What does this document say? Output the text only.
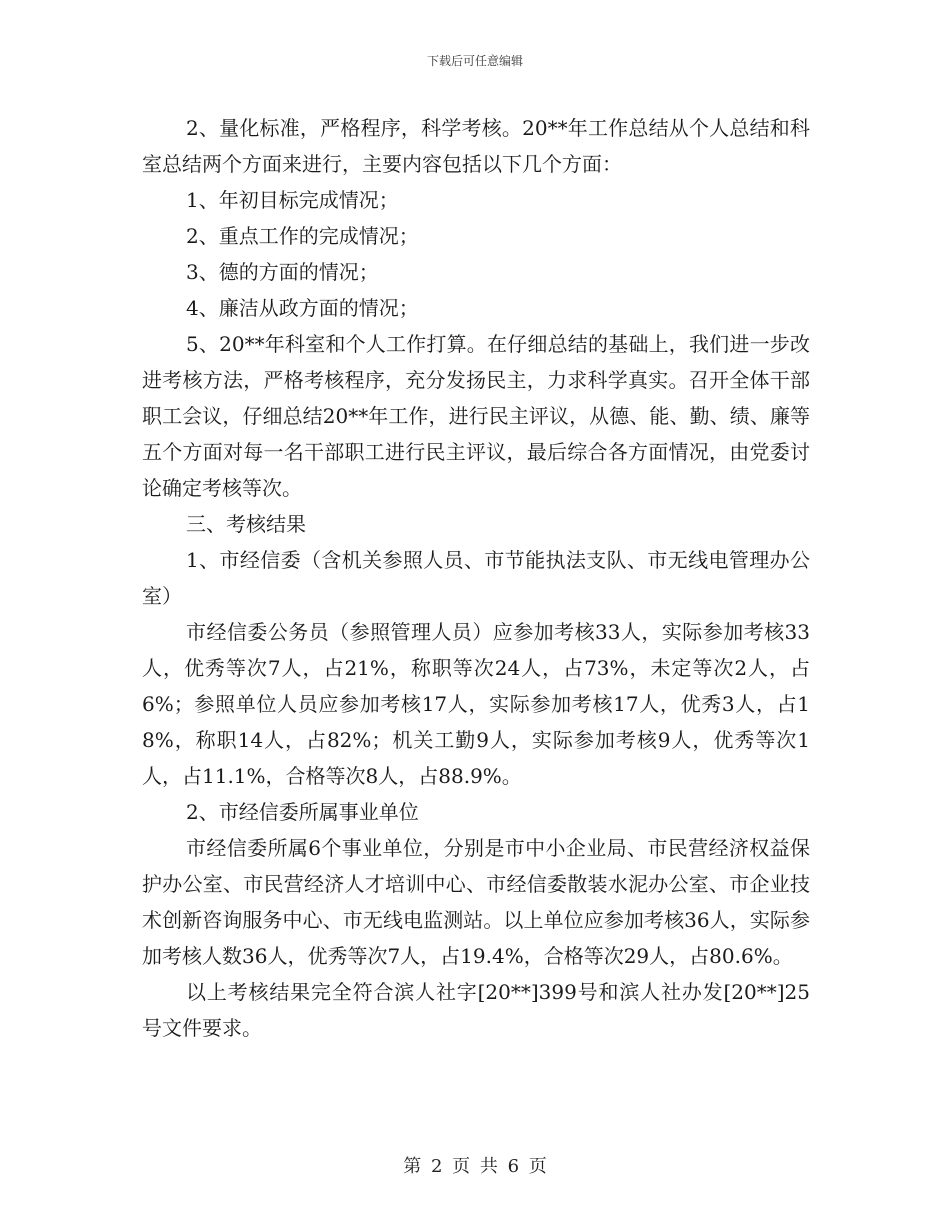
下载后可任意编辑

2、量化标准，严格程序，科学考核。20**年工作总结从个人总结和科室总结两个方面来进行，主要内容包括以下几个方面：

1、年初目标完成情况；

2、重点工作的完成情况；

3、德的方面的情况；

4、廉洁从政方面的情况；

5、20**年科室和个人工作打算。在仔细总结的基础上，我们进一步改进考核方法，严格考核程序，充分发扬民主，力求科学真实。召开全体干部职工会议，仔细总结20**年工作，进行民主评议，从德、能、勤、绩、廉等五个方面对每一名干部职工进行民主评议，最后综合各方面情况，由党委讨论确定考核等次。

三、考核结果

1、市经信委（含机关参照人员、市节能执法支队、市无线电管理办公室）

市经信委公务员（参照管理人员）应参加考核33人，实际参加考核33人，优秀等次7人，占21%，称职等次24人，占73%，未定等次2人，占6%；参照单位人员应参加考核17人，实际参加考核17人，优秀3人，占18%，称职14人，占82%；机关工勤9人，实际参加考核9人，优秀等次1人，占11.1%，合格等次8人，占88.9%。

2、市经信委所属事业单位

市经信委所属6个事业单位，分别是市中小企业局、市民营经济权益保护办公室、市民营经济人才培训中心、市经信委散装水泥办公室、市企业技术创新咨询服务中心、市无线电监测站。以上单位应参加考核36人，实际参加考核人数36人，优秀等次7人，占19.4%，合格等次29人，占80.6%。

以上考核结果完全符合滨人社字[20**]399号和滨人社办发[20**]25号文件要求。

第 2 页 共 6 页
